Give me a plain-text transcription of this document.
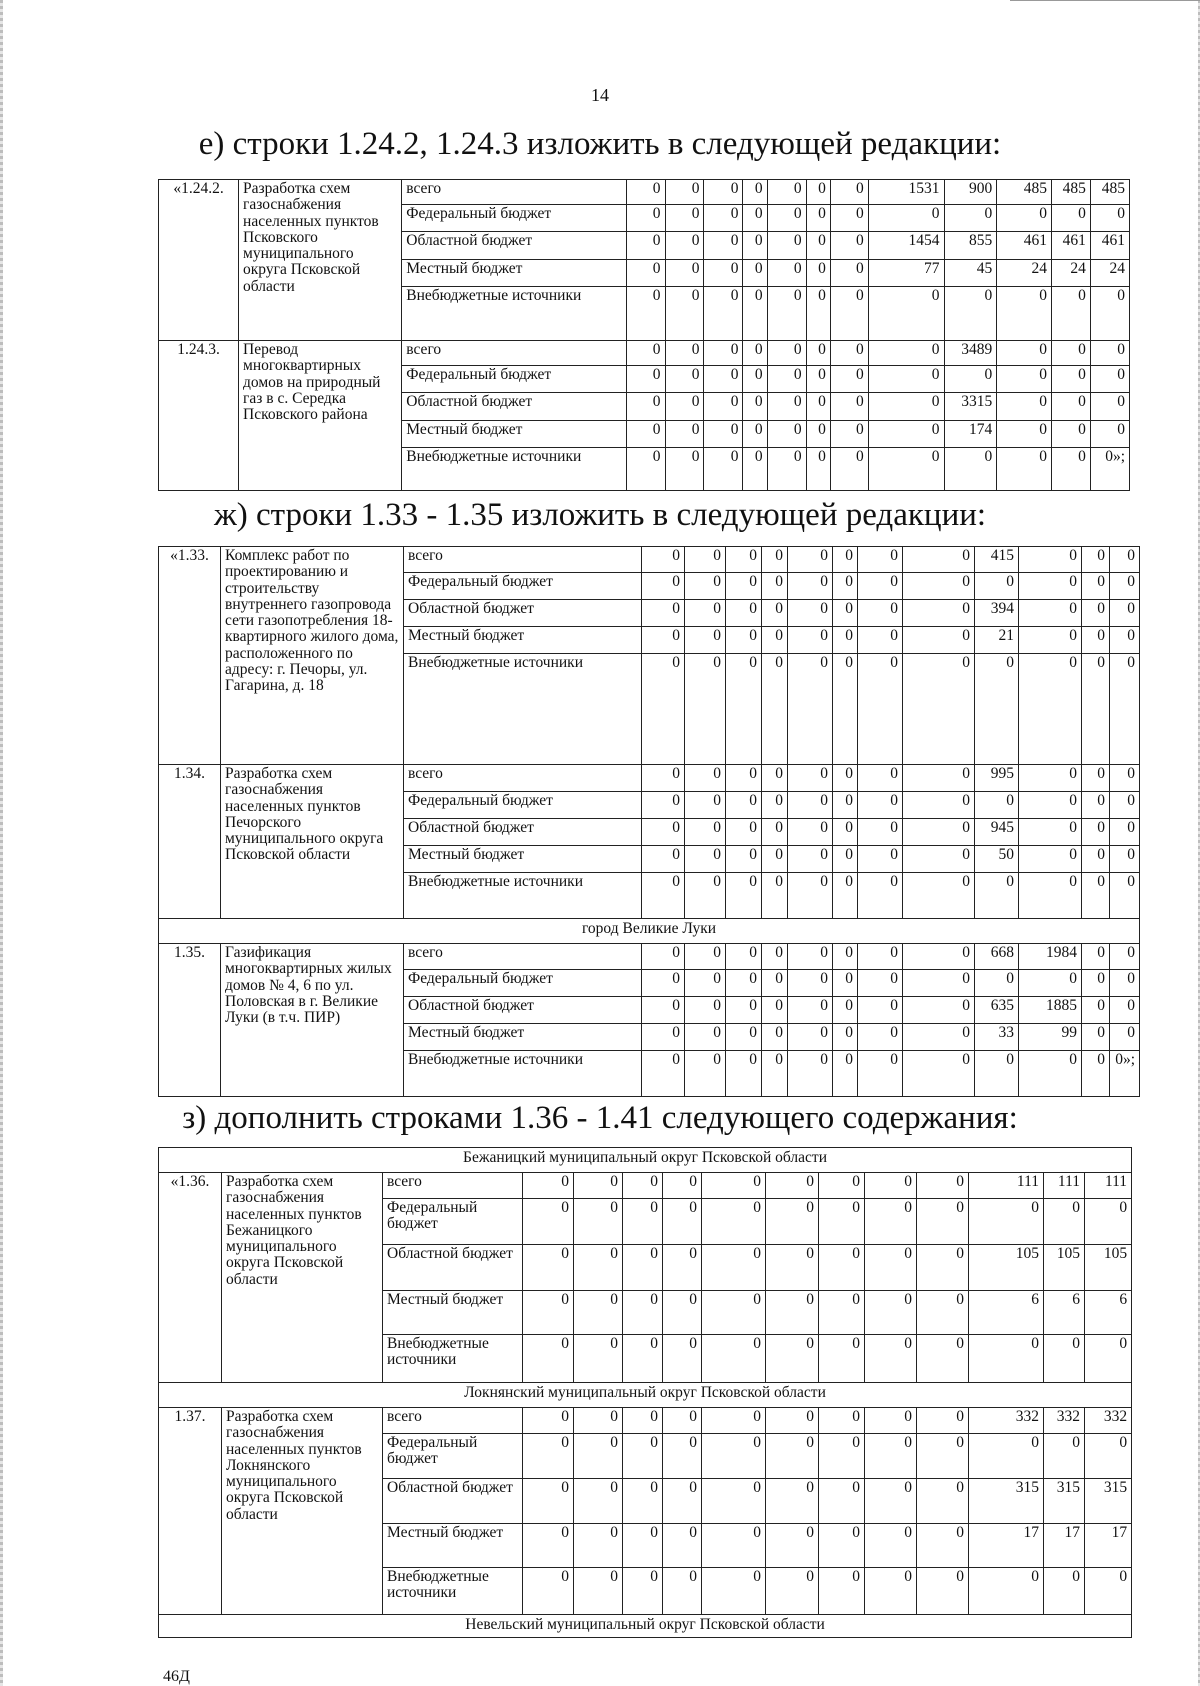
14
е) строки 1.24.2, 1.24.3 изложить в следующей редакции:
«1.24.2.	Разработка схем газоснабжения населенных пунктов Псковского муниципального округа Псковской области	всего	0	0	0	0	0	0	0	1531	900	485	485	485
		Федеральный бюджет	0	0	0	0	0	0	0	0	0	0	0	0
		Областной бюджет	0	0	0	0	0	0	0	1454	855	461	461	461
		Местный бюджет	0	0	0	0	0	0	0	77	45	24	24	24
		Внебюджетные источники	0	0	0	0	0	0	0	0	0	0	0	0
1.24.3.	Перевод многоквартирных домов на природный газ в с. Середка Псковского района	всего	0	0	0	0	0	0	0	0	3489	0	0	0
		Федеральный бюджет	0	0	0	0	0	0	0	0	0	0	0	0
		Областной бюджет	0	0	0	0	0	0	0	0	3315	0	0	0
		Местный бюджет	0	0	0	0	0	0	0	0	174	0	0	0
		Внебюджетные источники	0	0	0	0	0	0	0	0	0	0	0	0»;
ж) строки 1.33 - 1.35 изложить в следующей редакции:
«1.33.	Комплекс работ по проектированию и строительству внутреннего газопровода сети газопотребления 18-квартирного жилого дома, расположенного по адресу: г. Печоры, ул. Гагарина, д. 18	всего	0	0	0	0	0	0	0	0	415	0	0	0
		Федеральный бюджет	0	0	0	0	0	0	0	0	0	0	0	0
		Областной бюджет	0	0	0	0	0	0	0	0	394	0	0	0
		Местный бюджет	0	0	0	0	0	0	0	0	21	0	0	0
		Внебюджетные источники	0	0	0	0	0	0	0	0	0	0	0	0
1.34.	Разработка схем газоснабжения населенных пунктов Печорского муниципального округа Псковской области	всего	0	0	0	0	0	0	0	0	995	0	0	0
		Федеральный бюджет	0	0	0	0	0	0	0	0	0	0	0	0
		Областной бюджет	0	0	0	0	0	0	0	0	945	0	0	0
		Местный бюджет	0	0	0	0	0	0	0	0	50	0	0	0
		Внебюджетные источники	0	0	0	0	0	0	0	0	0	0	0	0
город Великие Луки														
1.35.	Газификация многоквартирных жилых домов № 4, 6 по ул. Половская в г. Великие Луки (в т.ч. ПИР)	всего	0	0	0	0	0	0	0	0	668	1984	0	0
		Федеральный бюджет	0	0	0	0	0	0	0	0	0	0	0	0
		Областной бюджет	0	0	0	0	0	0	0	0	635	1885	0	0
		Местный бюджет	0	0	0	0	0	0	0	0	33	99	0	0
		Внебюджетные источники	0	0	0	0	0	0	0	0	0	0	0	0»;
з) дополнить строками 1.36 - 1.41 следующего содержания:
Бежаницкий муниципальный округ Псковской области														
«1.36.	Разработка схем газоснабжения населенных пунктов Бежаницкого муниципального округа Псковской области	всего	0	0	0	0	0	0	0	0	0	111	111	111
		Федеральный бюджет	0	0	0	0	0	0	0	0	0	0	0	0
		Областной бюджет	0	0	0	0	0	0	0	0	0	105	105	105
		Местный бюджет	0	0	0	0	0	0	0	0	0	6	6	6
		Внебюджетные источники	0	0	0	0	0	0	0	0	0	0	0	0
Локнянский муниципальный округ Псковской области														
1.37.	Разработка схем газоснабжения населенных пунктов Локнянского муниципального округа Псковской области	всего	0	0	0	0	0	0	0	0	0	332	332	332
		Федеральный бюджет	0	0	0	0	0	0	0	0	0	0	0	0
		Областной бюджет	0	0	0	0	0	0	0	0	0	315	315	315
		Местный бюджет	0	0	0	0	0	0	0	0	0	17	17	17
		Внебюджетные источники	0	0	0	0	0	0	0	0	0	0	0	0
Невельский муниципальный округ Псковской области														
46Д
